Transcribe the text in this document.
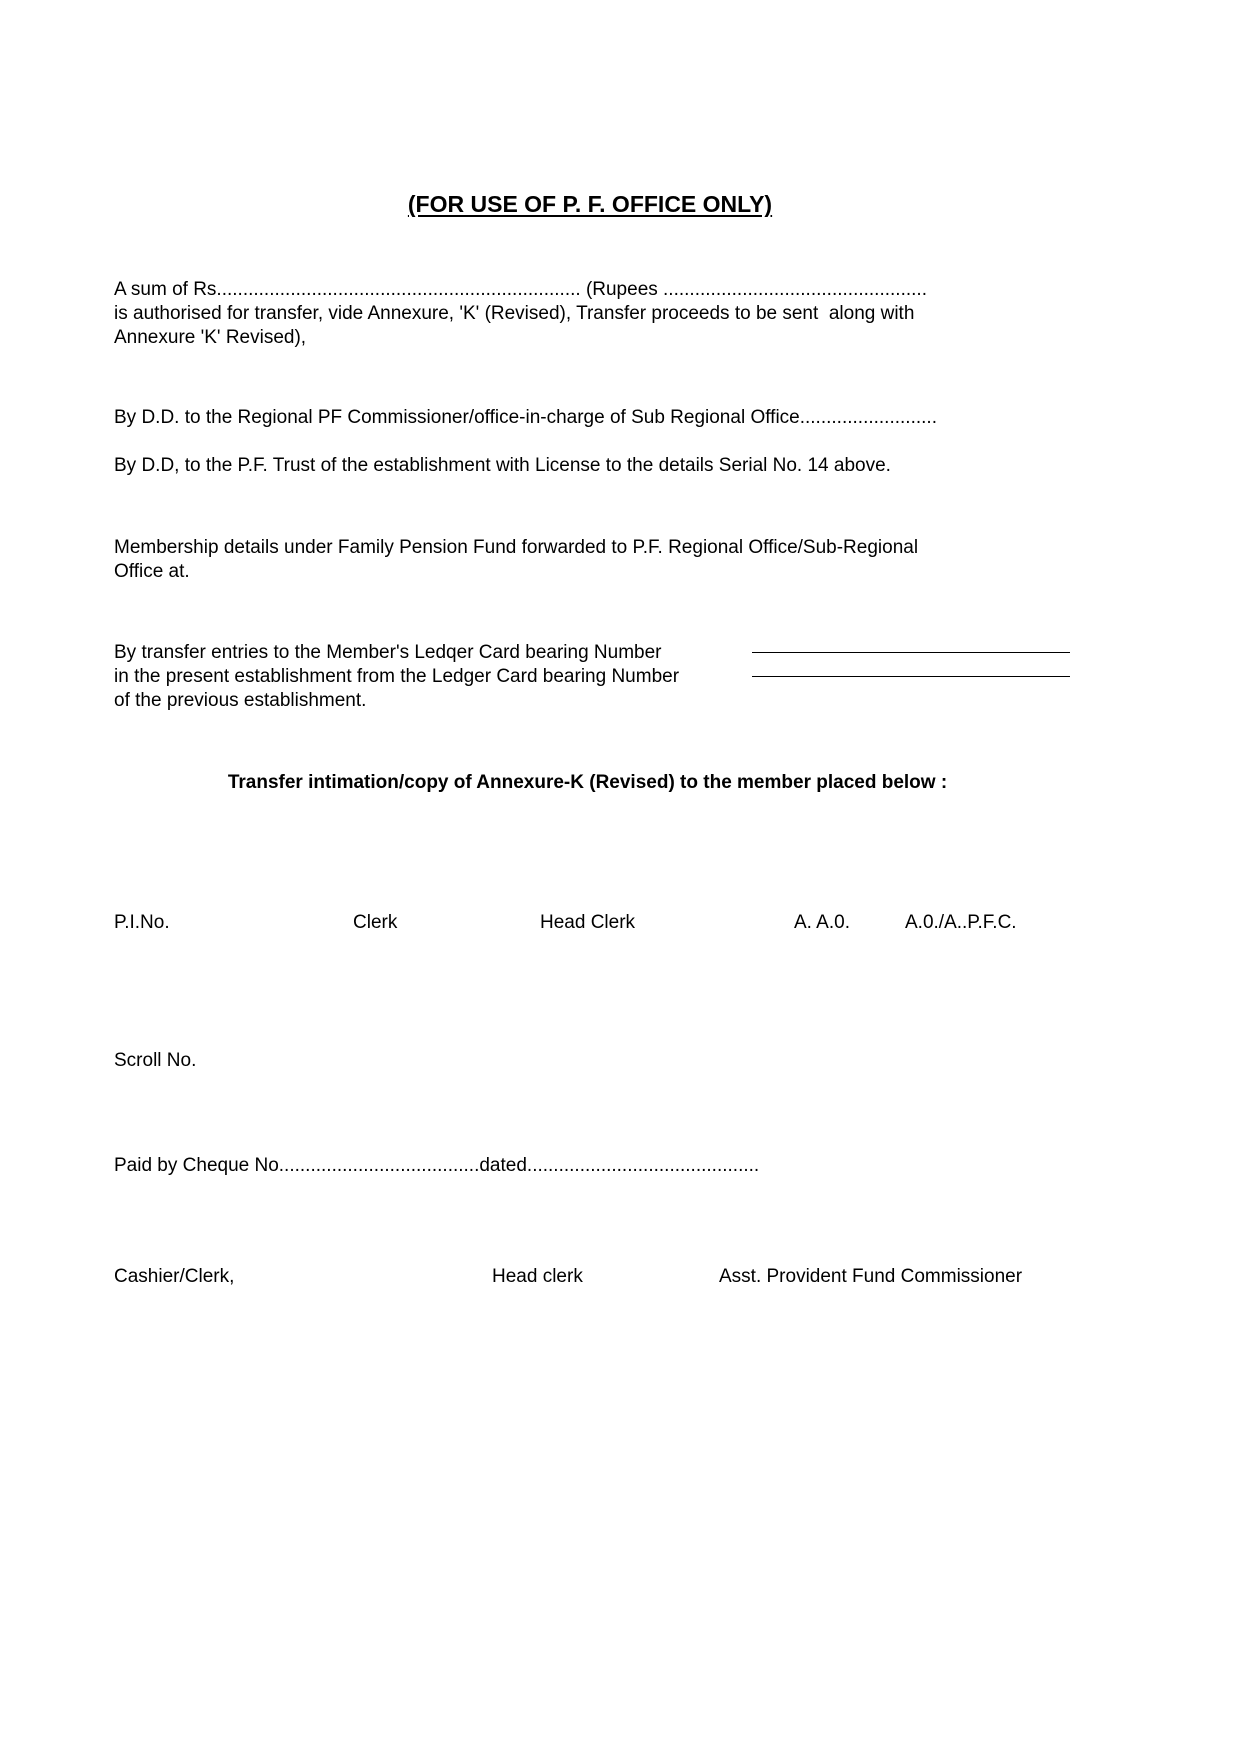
(FOR USE OF P. F. OFFICE ONLY)
A sum of Rs..................................................................... (Rupees ..................................................
is authorised for transfer, vide Annexure, 'K' (Revised), Transfer proceeds to be sent  along with
Annexure 'K' Revised),
By D.D. to the Regional PF Commissioner/office-in-charge of Sub Regional Office..........................
By D.D, to the P.F. Trust of the establishment with License to the details Serial No. 14 above.
Membership details under Family Pension Fund forwarded to P.F. Regional Office/Sub-Regional
Office at.
By transfer entries to the Member's Ledqer Card bearing Number
in the present establishment from the Ledger Card bearing Number
of the previous establishment.
Transfer intimation/copy of Annexure-K (Revised) to the member placed below :
P.I.No.	Clerk	Head Clerk	A. A.0.	A.0./A..P.F.C.
Scroll No.
Paid by Cheque No......................................dated............................................
Cashier/Clerk,	Head clerk	Asst. Provident Fund Commissioner
